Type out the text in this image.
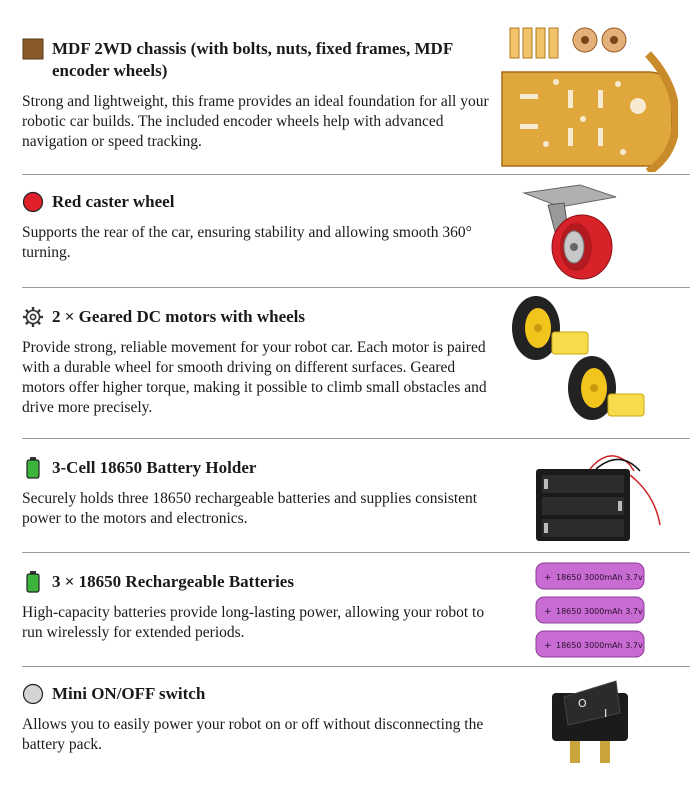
MDF 2WD chassis (with bolts, nuts, fixed frames, MDF encoder wheels)
Strong and lightweight, this frame provides an ideal foundation for all your robotic car builds. The included encoder wheels help with advanced navigation or speed tracking.
Red caster wheel
Supports the rear of the car, ensuring stability and allowing smooth 360° turning.
2 × Geared DC motors with wheels
Provide strong, reliable movement for your robot car. Each motor is paired with a durable wheel for smooth driving on different surfaces. Geared motors offer higher torque, making it possible to climb small obstacles and drive more precisely.
3-Cell 18650 Battery Holder
Securely holds three 18650 rechargeable batteries and supplies consistent power to the motors and electronics.
3 × 18650 Rechargeable Batteries
High-capacity batteries provide long-lasting power, allowing your robot to run wirelessly for extended periods.
+ + +
18650 3000mAh 3.7v
18650 3000mAh 3.7v
18650 3000mAh 3.7v
Mini ON/OFF switch
Allows you to easily power your robot on or off without disconnecting the battery pack.
O
I
